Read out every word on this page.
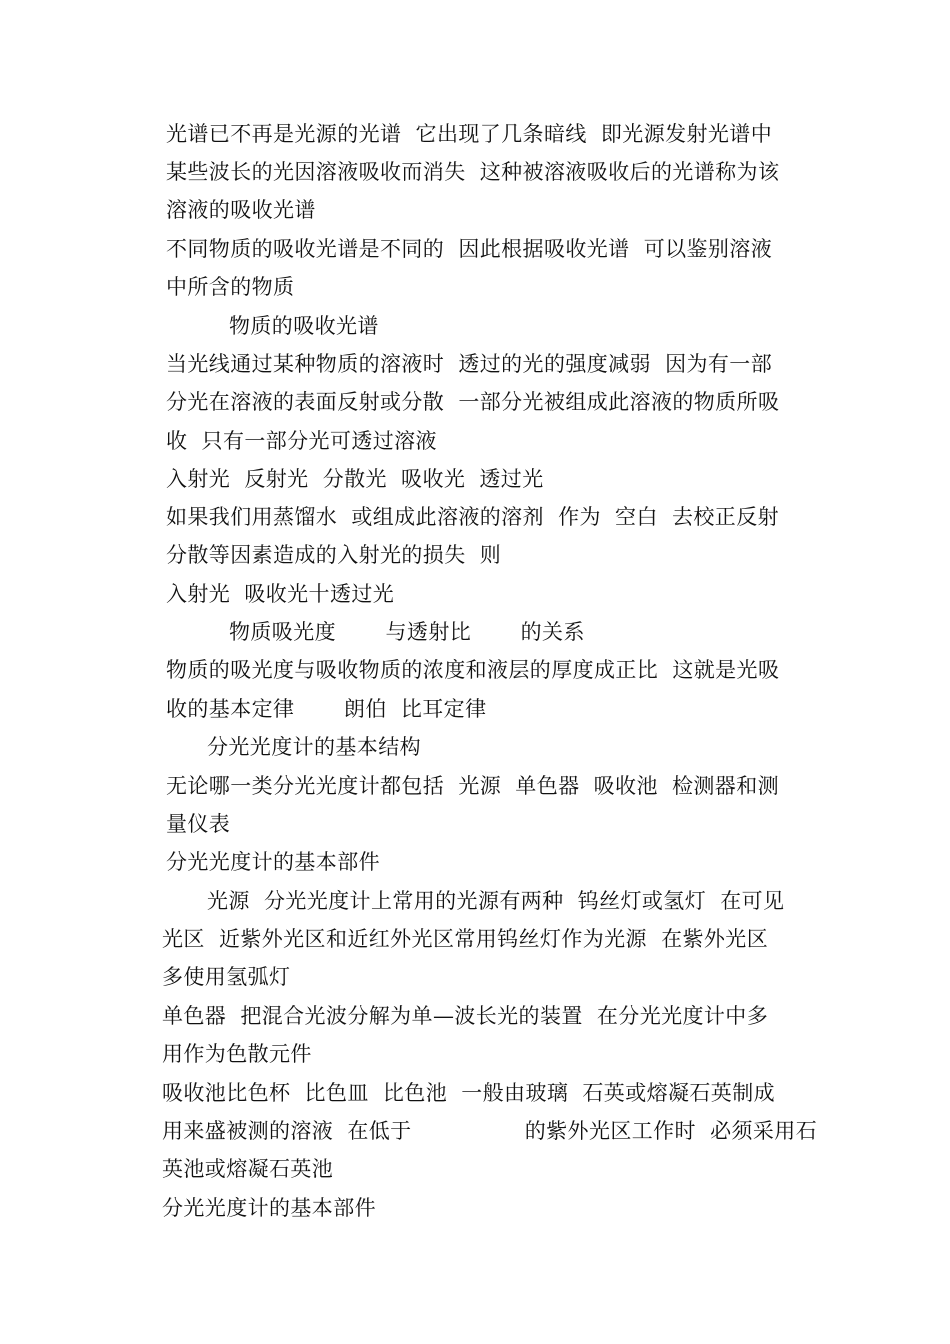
光谱已不再是光源的光谱  它出现了几条暗线  即光源发射光谱中
某些波长的光因溶液吸收而消失  这种被溶液吸收后的光谱称为该
溶液的吸收光谱
不同物质的吸收光谱是不同的  因此根据吸收光谱  可以鉴别溶液
中所含的物质
物质的吸收光谱
当光线通过某种物质的溶液时  透过的光的强度减弱  因为有一部
分光在溶液的表面反射或分散  一部分光被组成此溶液的物质所吸
收  只有一部分光可透过溶液
入射光  反射光  分散光  吸收光  透过光
如果我们用蒸馏水  或组成此溶液的溶剂  作为  空白  去校正反射
分散等因素造成的入射光的损失  则
入射光  吸收光十透过光
物质吸光度       与透射比       的关系
物质的吸光度与吸收物质的浓度和液层的厚度成正比  这就是光吸
收的基本定律       朗伯  比耳定律
分光光度计的基本结构
无论哪一类分光光度计都包括  光源  单色器  吸收池  检测器和测
量仪表
分光光度计的基本部件
光源  分光光度计上常用的光源有两种  钨丝灯或氢灯  在可见
光区  近紫外光区和近红外光区常用钨丝灯作为光源  在紫外光区
多使用氢弧灯
单色器  把混合光波分解为单—波长光的装置  在分光光度计中多
用作为色散元件
吸收池比色杯  比色皿  比色池  一般由玻璃  石英或熔凝石英制成
用来盛被测的溶液  在低于                的紫外光区工作时  必须采用石
英池或熔凝石英池
分光光度计的基本部件
